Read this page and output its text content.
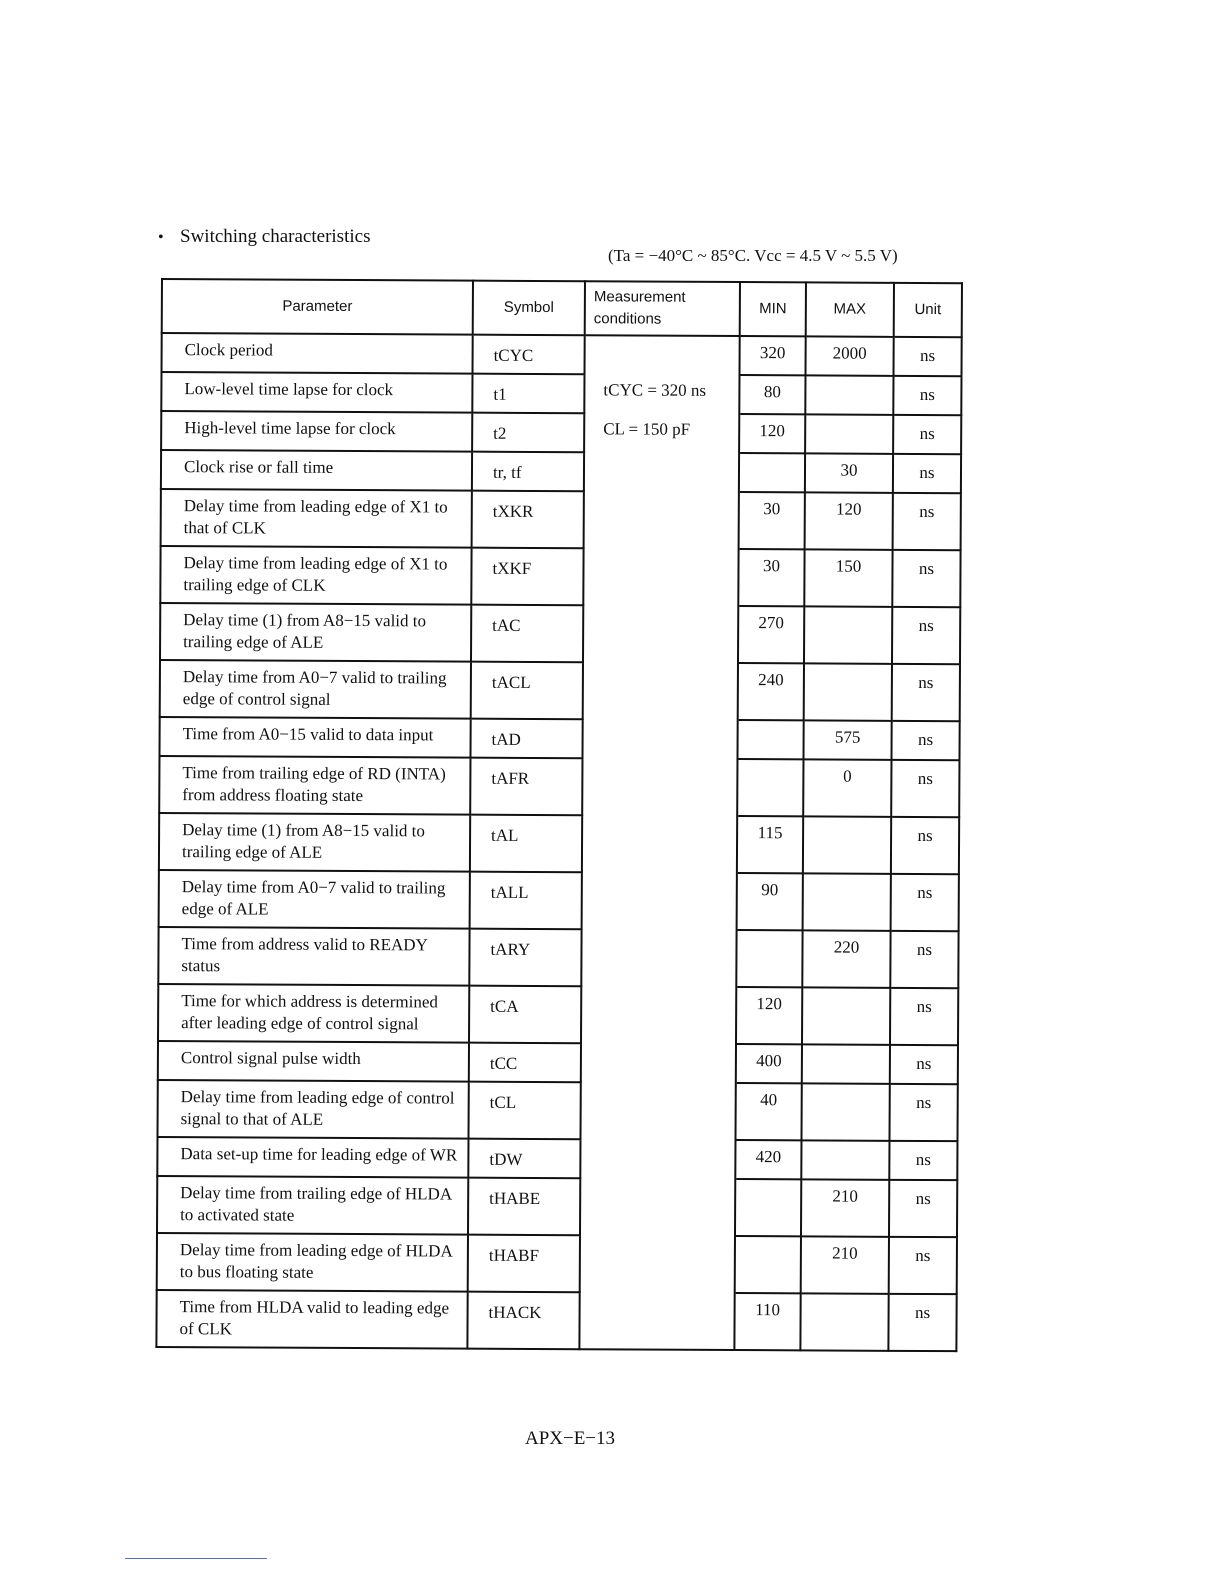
• Switching characteristics
(Ta = −40°C ~ 85°C. Vcc = 4.5 V ~ 5.5 V)
Parameter	Symbol	Measurement conditions	MIN	MAX	Unit
Clock period	tCYC		320	2000	ns
Low-level time lapse for clock	t1	tCYC = 320 ns	80		ns
High-level time lapse for clock	t2	CL = 150 pF	120		ns
Clock rise or fall time	tr, tf			30	ns
Delay time from leading edge of X1 to that of CLK	tXKR		30	120	ns
Delay time from leading edge of X1 to trailing edge of CLK	tXKF		30	150	ns
Delay time (1) from A8−15 valid to trailing edge of ALE	tAC		270		ns
Delay time from A0−7 valid to trailing edge of control signal	tACL		240		ns
Time from A0−15 valid to data input	tAD			575	ns
Time from trailing edge of RD (INTA) from address floating state	tAFR			0	ns
Delay time (1) from A8−15 valid to trailing edge of ALE	tAL		115		ns
Delay time from A0−7 valid to trailing edge of ALE	tALL		90		ns
Time from address valid to READY status	tARY			220	ns
Time for which address is determined after leading edge of control signal	tCA		120		ns
Control signal pulse width	tCC		400		ns
Delay time from leading edge of control signal to that of ALE	tCL		40		ns
Data set-up time for leading edge of WR	tDW		420		ns
Delay time from trailing edge of HLDA to activated state	tHABE			210	ns
Delay time from leading edge of HLDA to bus floating state	tHABF			210	ns
Time from HLDA valid to leading edge of CLK	tHACK		110		ns
APX−E−13
